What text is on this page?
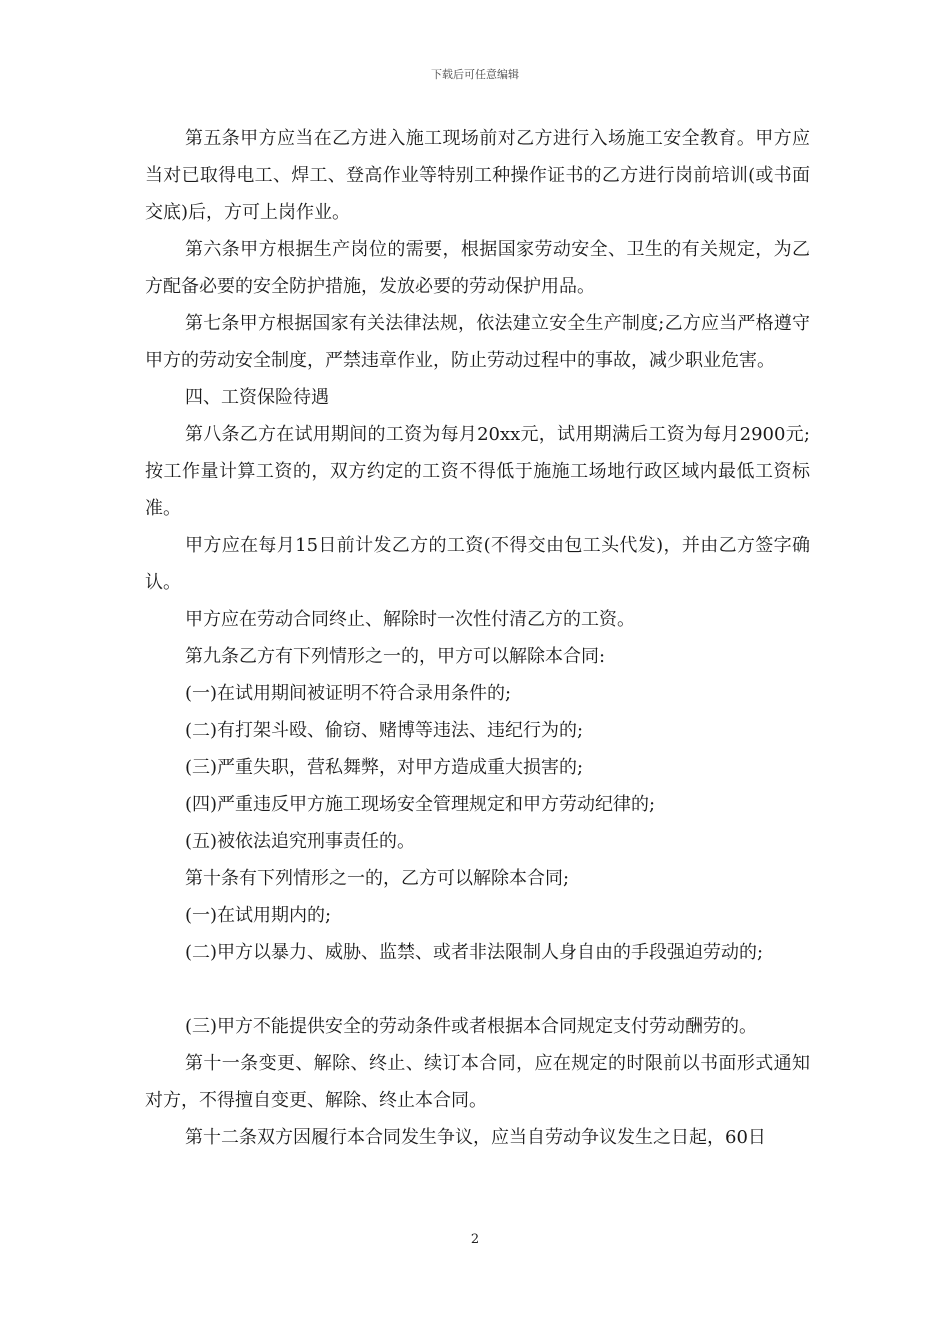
下载后可任意编辑

第五条甲方应当在乙方进入施工现场前对乙方进行入场施工安全教育。甲方应当对已取得电工、焊工、登高作业等特别工种操作证书的乙方进行岗前培训(或书面交底)后，方可上岗作业。

第六条甲方根据生产岗位的需要，根据国家劳动安全、卫生的有关规定，为乙方配备必要的安全防护措施，发放必要的劳动保护用品。

第七条甲方根据国家有关法律法规，依法建立安全生产制度;乙方应当严格遵守甲方的劳动安全制度，严禁违章作业，防止劳动过程中的事故，减少职业危害。

四、工资保险待遇

第八条乙方在试用期间的工资为每月20xx元，试用期满后工资为每月2900元;按工作量计算工资的，双方约定的工资不得低于施施工场地行政区域内最低工资标准。

甲方应在每月15日前计发乙方的工资(不得交由包工头代发)，并由乙方签字确认。

甲方应在劳动合同终止、解除时一次性付清乙方的工资。

第九条乙方有下列情形之一的，甲方可以解除本合同:

(一)在试用期间被证明不符合录用条件的;

(二)有打架斗殴、偷窃、赌博等违法、违纪行为的;

(三)严重失职，营私舞弊，对甲方造成重大损害的;

(四)严重违反甲方施工现场安全管理规定和甲方劳动纪律的;

(五)被依法追究刑事责任的。

第十条有下列情形之一的，乙方可以解除本合同;

(一)在试用期内的;

(二)甲方以暴力、威胁、监禁、或者非法限制人身自由的手段强迫劳动的;

(三)甲方不能提供安全的劳动条件或者根据本合同规定支付劳动酬劳的。

第十一条变更、解除、终止、续订本合同，应在规定的时限前以书面形式通知对方，不得擅自变更、解除、终止本合同。

第十二条双方因履行本合同发生争议，应当自劳动争议发生之日起，60日

2
